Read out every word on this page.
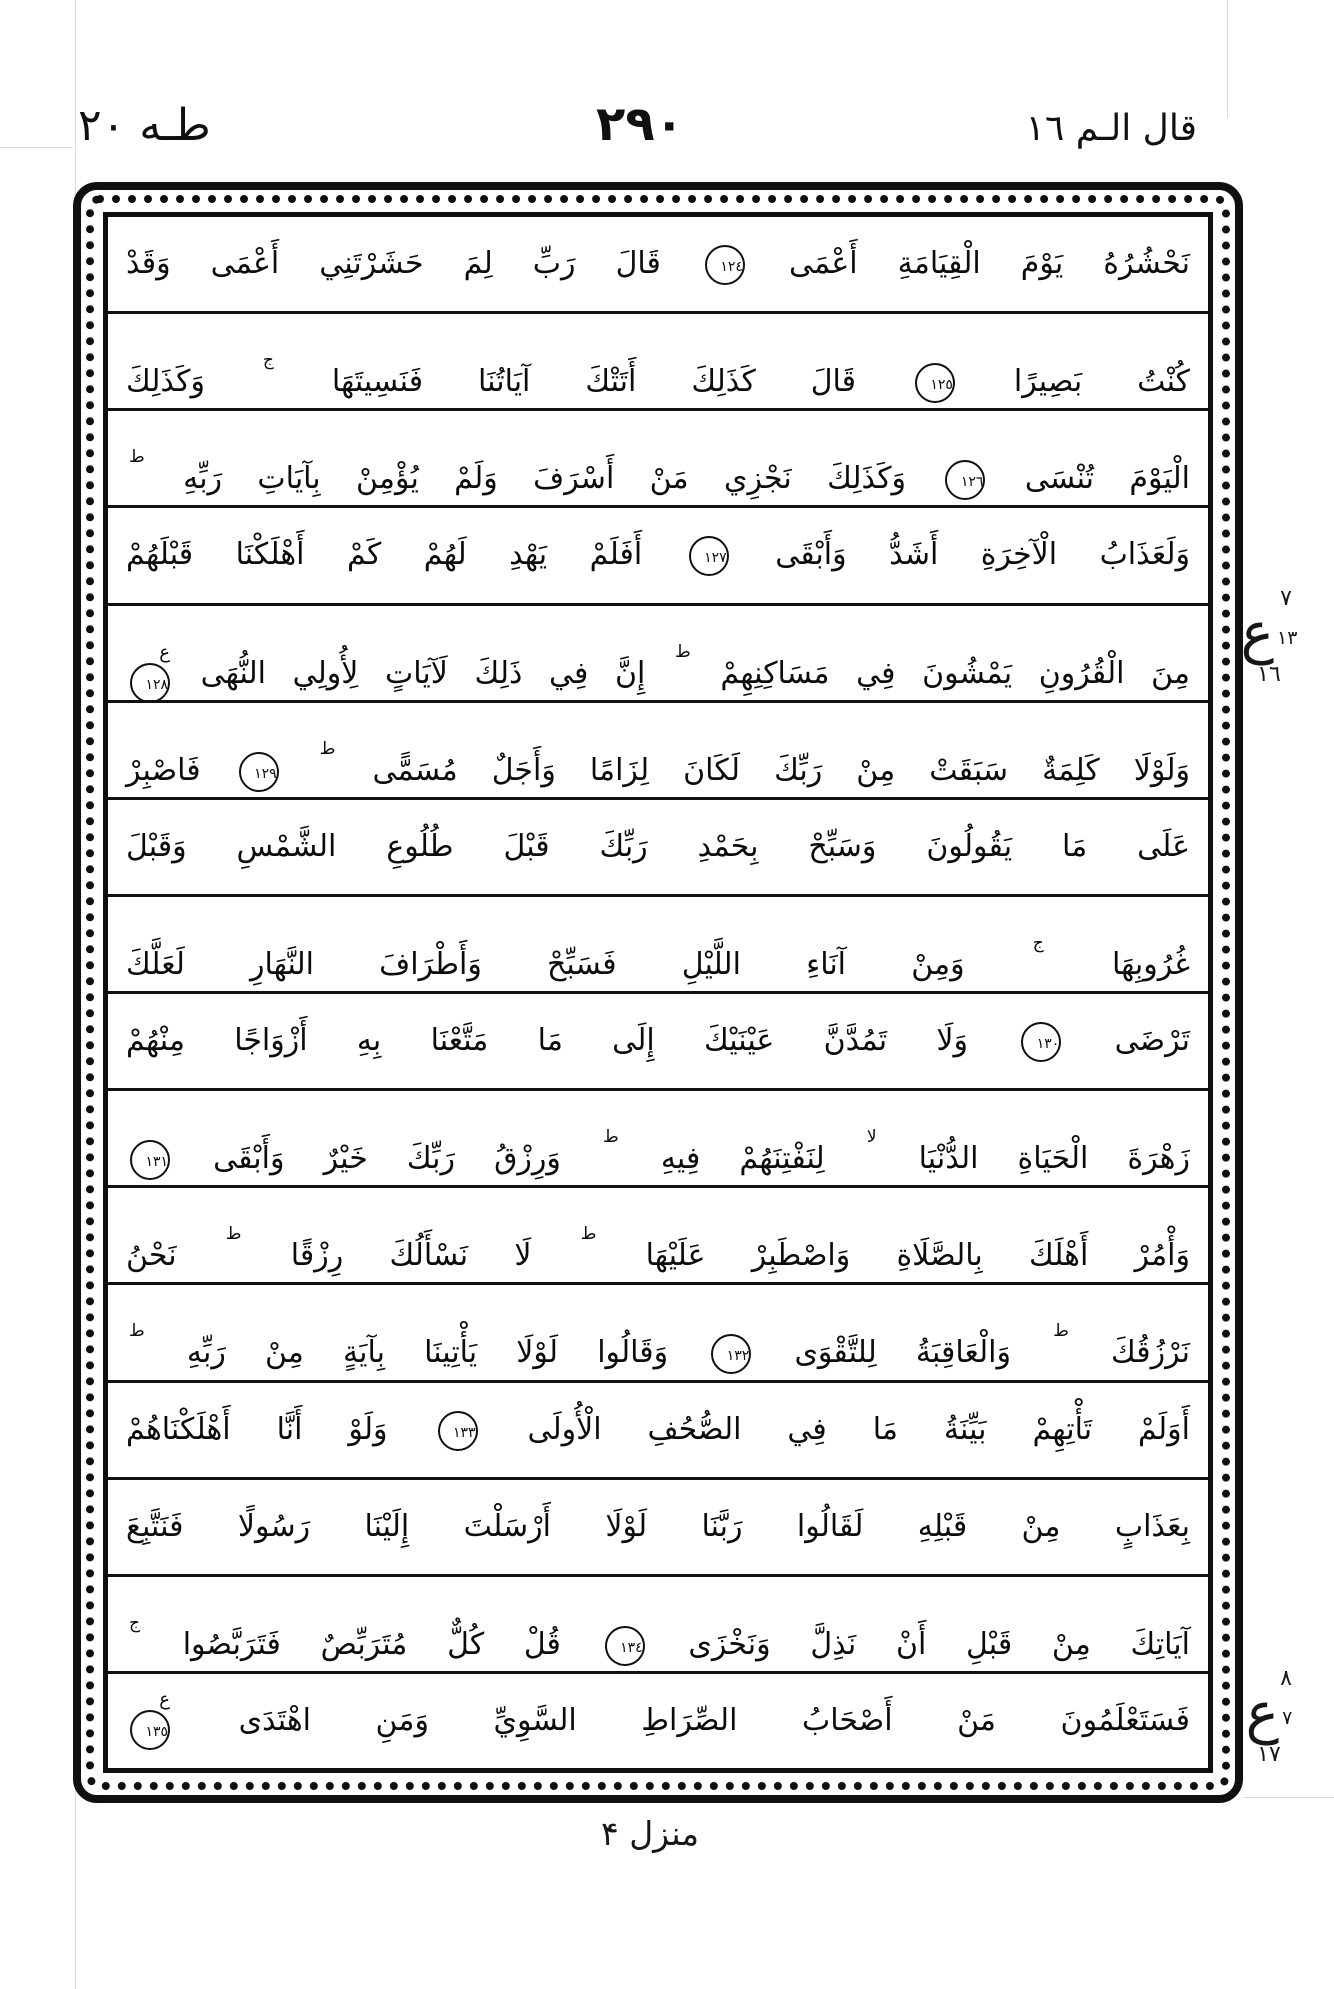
قال الـم ١٦
٢٩٠
طـه ٢٠
نَحْشُرُهُ يَوْمَ الْقِيَامَةِ أَعْمَى ١٢٤ قَالَ رَبِّ لِمَ حَشَرْتَنِي أَعْمَى وَقَدْ
كُنْتُ بَصِيرًا ١٢٥ قَالَ كَذَلِكَ أَتَتْكَ آيَاتُنَا فَنَسِيتَهَا $^ج$ وَكَذَلِكَ
الْيَوْمَ تُنْسَى ١٢٦ وَكَذَلِكَ نَجْزِي مَنْ أَسْرَفَ وَلَمْ يُؤْمِنْ بِآيَاتِ رَبِّهِ $^ط$
وَلَعَذَابُ الْآخِرَةِ أَشَدُّ وَأَبْقَى ١٢٧ أَفَلَمْ يَهْدِ لَهُمْ كَمْ أَهْلَكْنَا قَبْلَهُمْ
مِنَ الْقُرُونِ يَمْشُونَ فِي مَسَاكِنِهِمْ $^ط$ إِنَّ فِي ذَلِكَ لَآيَاتٍ لِأُولِي النُّهَى
ع
١٢٨
وَلَوْلَا كَلِمَةٌ سَبَقَتْ مِنْ رَبِّكَ لَكَانَ لِزَامًا وَأَجَلٌ مُسَمًّى $^ط$ ١٢٩ فَاصْبِرْ
عَلَى مَا يَقُولُونَ وَسَبِّحْ بِحَمْدِ رَبِّكَ قَبْلَ طُلُوعِ الشَّمْسِ وَقَبْلَ
غُرُوبِهَا $^ج$ وَمِنْ آنَاءِ اللَّيْلِ فَسَبِّحْ وَأَطْرَافَ النَّهَارِ لَعَلَّكَ
تَرْضَى ١٣٠ وَلَا تَمُدَّنَّ عَيْنَيْكَ إِلَى مَا مَتَّعْنَا بِهِ أَزْوَاجًا مِنْهُمْ
زَهْرَةَ الْحَيَاةِ الدُّنْيَا $^{لا}$ لِنَفْتِنَهُمْ فِيهِ $^ط$ وَرِزْقُ رَبِّكَ خَيْرٌ وَأَبْقَى ١٣١
وَأْمُرْ أَهْلَكَ بِالصَّلَاةِ وَاصْطَبِرْ عَلَيْهَا $^ط$ لَا نَسْأَلُكَ رِزْقًا $^ط$ نَحْنُ
نَرْزُقُكَ $^ط$ وَالْعَاقِبَةُ لِلتَّقْوَى ١٣٢ وَقَالُوا لَوْلَا يَأْتِينَا بِآيَةٍ مِنْ رَبِّهِ $^ط$
أَوَلَمْ تَأْتِهِمْ بَيِّنَةُ مَا فِي الصُّحُفِ الْأُولَى ١٣٣ وَلَوْ أَنَّا أَهْلَكْنَاهُمْ
بِعَذَابٍ مِنْ قَبْلِهِ لَقَالُوا رَبَّنَا لَوْلَا أَرْسَلْتَ إِلَيْنَا رَسُولًا فَنَتَّبِعَ
آيَاتِكَ مِنْ قَبْلِ أَنْ نَذِلَّ وَنَخْزَى ١٣٤ قُلْ كُلٌّ مُتَرَبِّصٌ فَتَرَبَّصُوا $^ج$
فَسَتَعْلَمُونَ مَنْ أَصْحَابُ الصِّرَاطِ السَّوِيِّ وَمَنِ اهْتَدَى
ع
١٣٥
٧
ع ١٣
١٦
٨
ع ٧
١٧
منزل ۴
